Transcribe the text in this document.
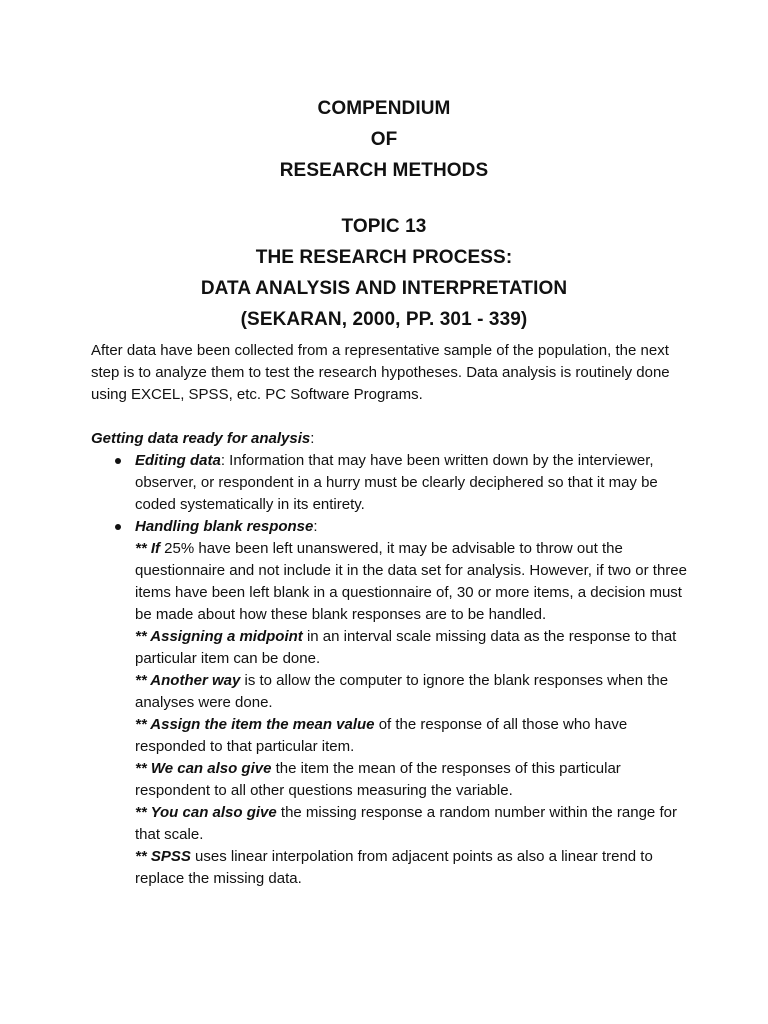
COMPENDIUM
OF
RESEARCH METHODS
TOPIC 13
THE RESEARCH PROCESS:
DATA ANALYSIS AND INTERPRETATION
(SEKARAN, 2000, PP. 301 - 339)

After data have been collected from a representative sample of the population, the next step is to analyze them to test the research hypotheses. Data analysis is routinely done using EXCEL, SPSS, etc. PC Software Programs.

Getting data ready for analysis:
Editing data: Information that may have been written down by the interviewer, observer, or respondent in a hurry must be clearly deciphered so that it may be coded systematically in its entirety.
Handling blank response:
** If 25% have been left unanswered, it may be advisable to throw out the questionnaire and not include it in the data set for analysis. However, if two or three items have been left blank in a questionnaire of, 30 or more items, a decision must be made about how these blank responses are to be handled.
** Assigning a midpoint in an interval scale missing data as the response to that particular item can be done.
** Another way is to allow the computer to ignore the blank responses when the analyses were done.
** Assign the item the mean value of the response of all those who have responded to that particular item.
** We can also give the item the mean of the responses of this particular respondent to all other questions measuring the variable.
** You can also give the missing response a random number within the range for that scale.
** SPSS uses linear interpolation from adjacent points as also a linear trend to replace the missing data.
